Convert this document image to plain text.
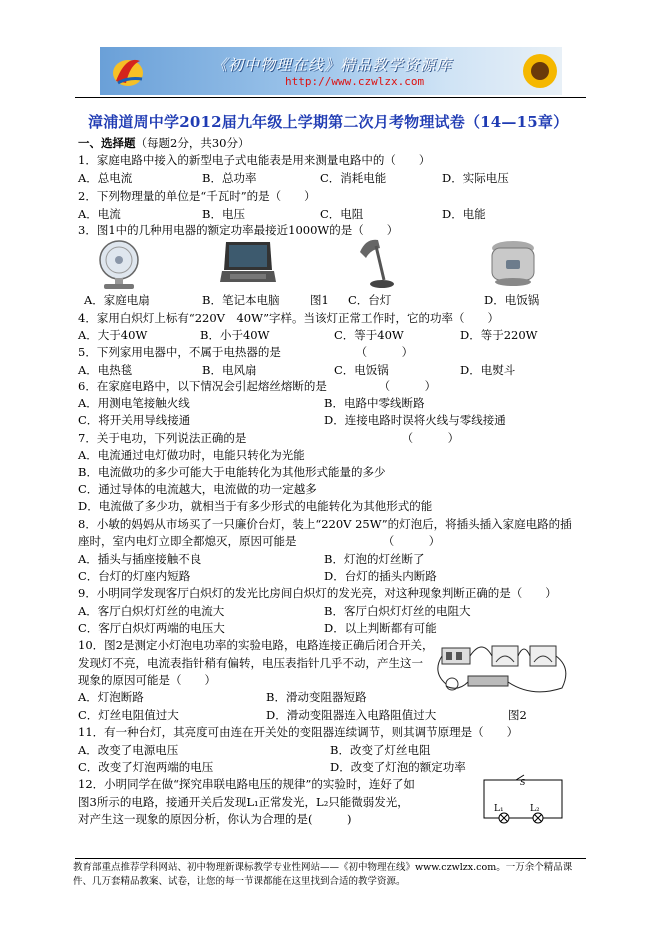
《初中物理在线》精品教学资源库
http://www.czwlzx.com
漳浦道周中学2012届九年级上学期第二次月考物理试卷（14—15章）
一、选择题（每题2分，共30分）
1．家庭电路中接入的新型电子式电能表是用来测量电路中的（　　）
A．总电流	B．总功率	C．消耗电能	D．实际电压
2．下列物理量的单位是“千瓦时”的是（　　）
A．电流	B．电压	C．电阻	D．电能
3．图1中的几种用电器的额定功率最接近1000W的是（　　）
A．家庭电扇	B．笔记本电脑	图1 C．台灯	D．电饭锅
4．家用白炽灯上标有“220V　40W”字样。当该灯正常工作时，它的功率（　　）
A．大于40W	B．小于40W	C．等于40W	D．等于220W
5．下列家用电器中，不属于电热器的是　　　　　　　（　　　）
A．电热毯	B．电风扇	C．电饭锅	D．电熨斗
6．在家庭电路中，以下情况会引起熔丝熔断的是　　　　　（　　　）
A．用测电笔接触火线	B．电路中零线断路
C．将开关用导线接通	D．连接电路时误将火线与零线接通
7．关于电功，下列说法正确的是　　　　　　　　　　　　　　（　　　）
A．电流通过电灯做功时，电能只转化为光能
B．电流做功的多少可能大于电能转化为其他形式能量的多少
C．通过导体的电流越大，电流做的功一定越多
D．电流做了多少功，就相当于有多少形式的电能转化为其他形式的能
8．小敏的妈妈从市场买了一只廉价台灯，装上“220V 25W”的灯泡后，将插头插入家庭电路的插
座时，室内电灯立即全都熄灭，原因可能是　　　　　　　　（　　　）
A．插头与插座接触不良	B．灯泡的灯丝断了
C．台灯的灯座内短路	D．台灯的插头内断路
9．小明同学发现客厅白炽灯的发光比房间白炽灯的发光亮，对这种现象判断正确的是（　　）
A．客厅白炽灯灯丝的电流大	B．客厅白炽灯灯丝的电阻大
C．客厅白炽灯两端的电压大	D．以上判断都有可能
10．图2是测定小灯泡电功率的实验电路，电路连接正确后闭合开关，
发现灯不亮，电流表指针稍有偏转，电压表指针几乎不动，产生这一
现象的原因可能是（　　）
A．灯泡断路	B．滑动变阻器短路
C．灯丝电阻值过大	D．滑动变阻器连入电路阻值过大	图2
11．有一种台灯，其亮度可由连在开关处的变阻器连续调节，则其调节原理是（　　）
A．改变了电源电压	B．改变了灯丝电阻
C．改变了灯泡两端的电压	D．改变了灯泡的额定功率
12．小明同学在做“探究串联电路电压的规律”的实验时，连好了如
图3所示的电路，接通开关后发现L₁正常发光，L₂只能微弱发光，
对产生这一现象的原因分析，你认为合理的是(　　　)
S
L₁	L₂
教育部重点推荐学科网站、初中物理新课标教学专业性网站——《初中物理在线》www.czwlzx.com。一万余个精品课
件、几万套精品教案、试卷，让您的每一节课都能在这里找到合适的教学资源。
